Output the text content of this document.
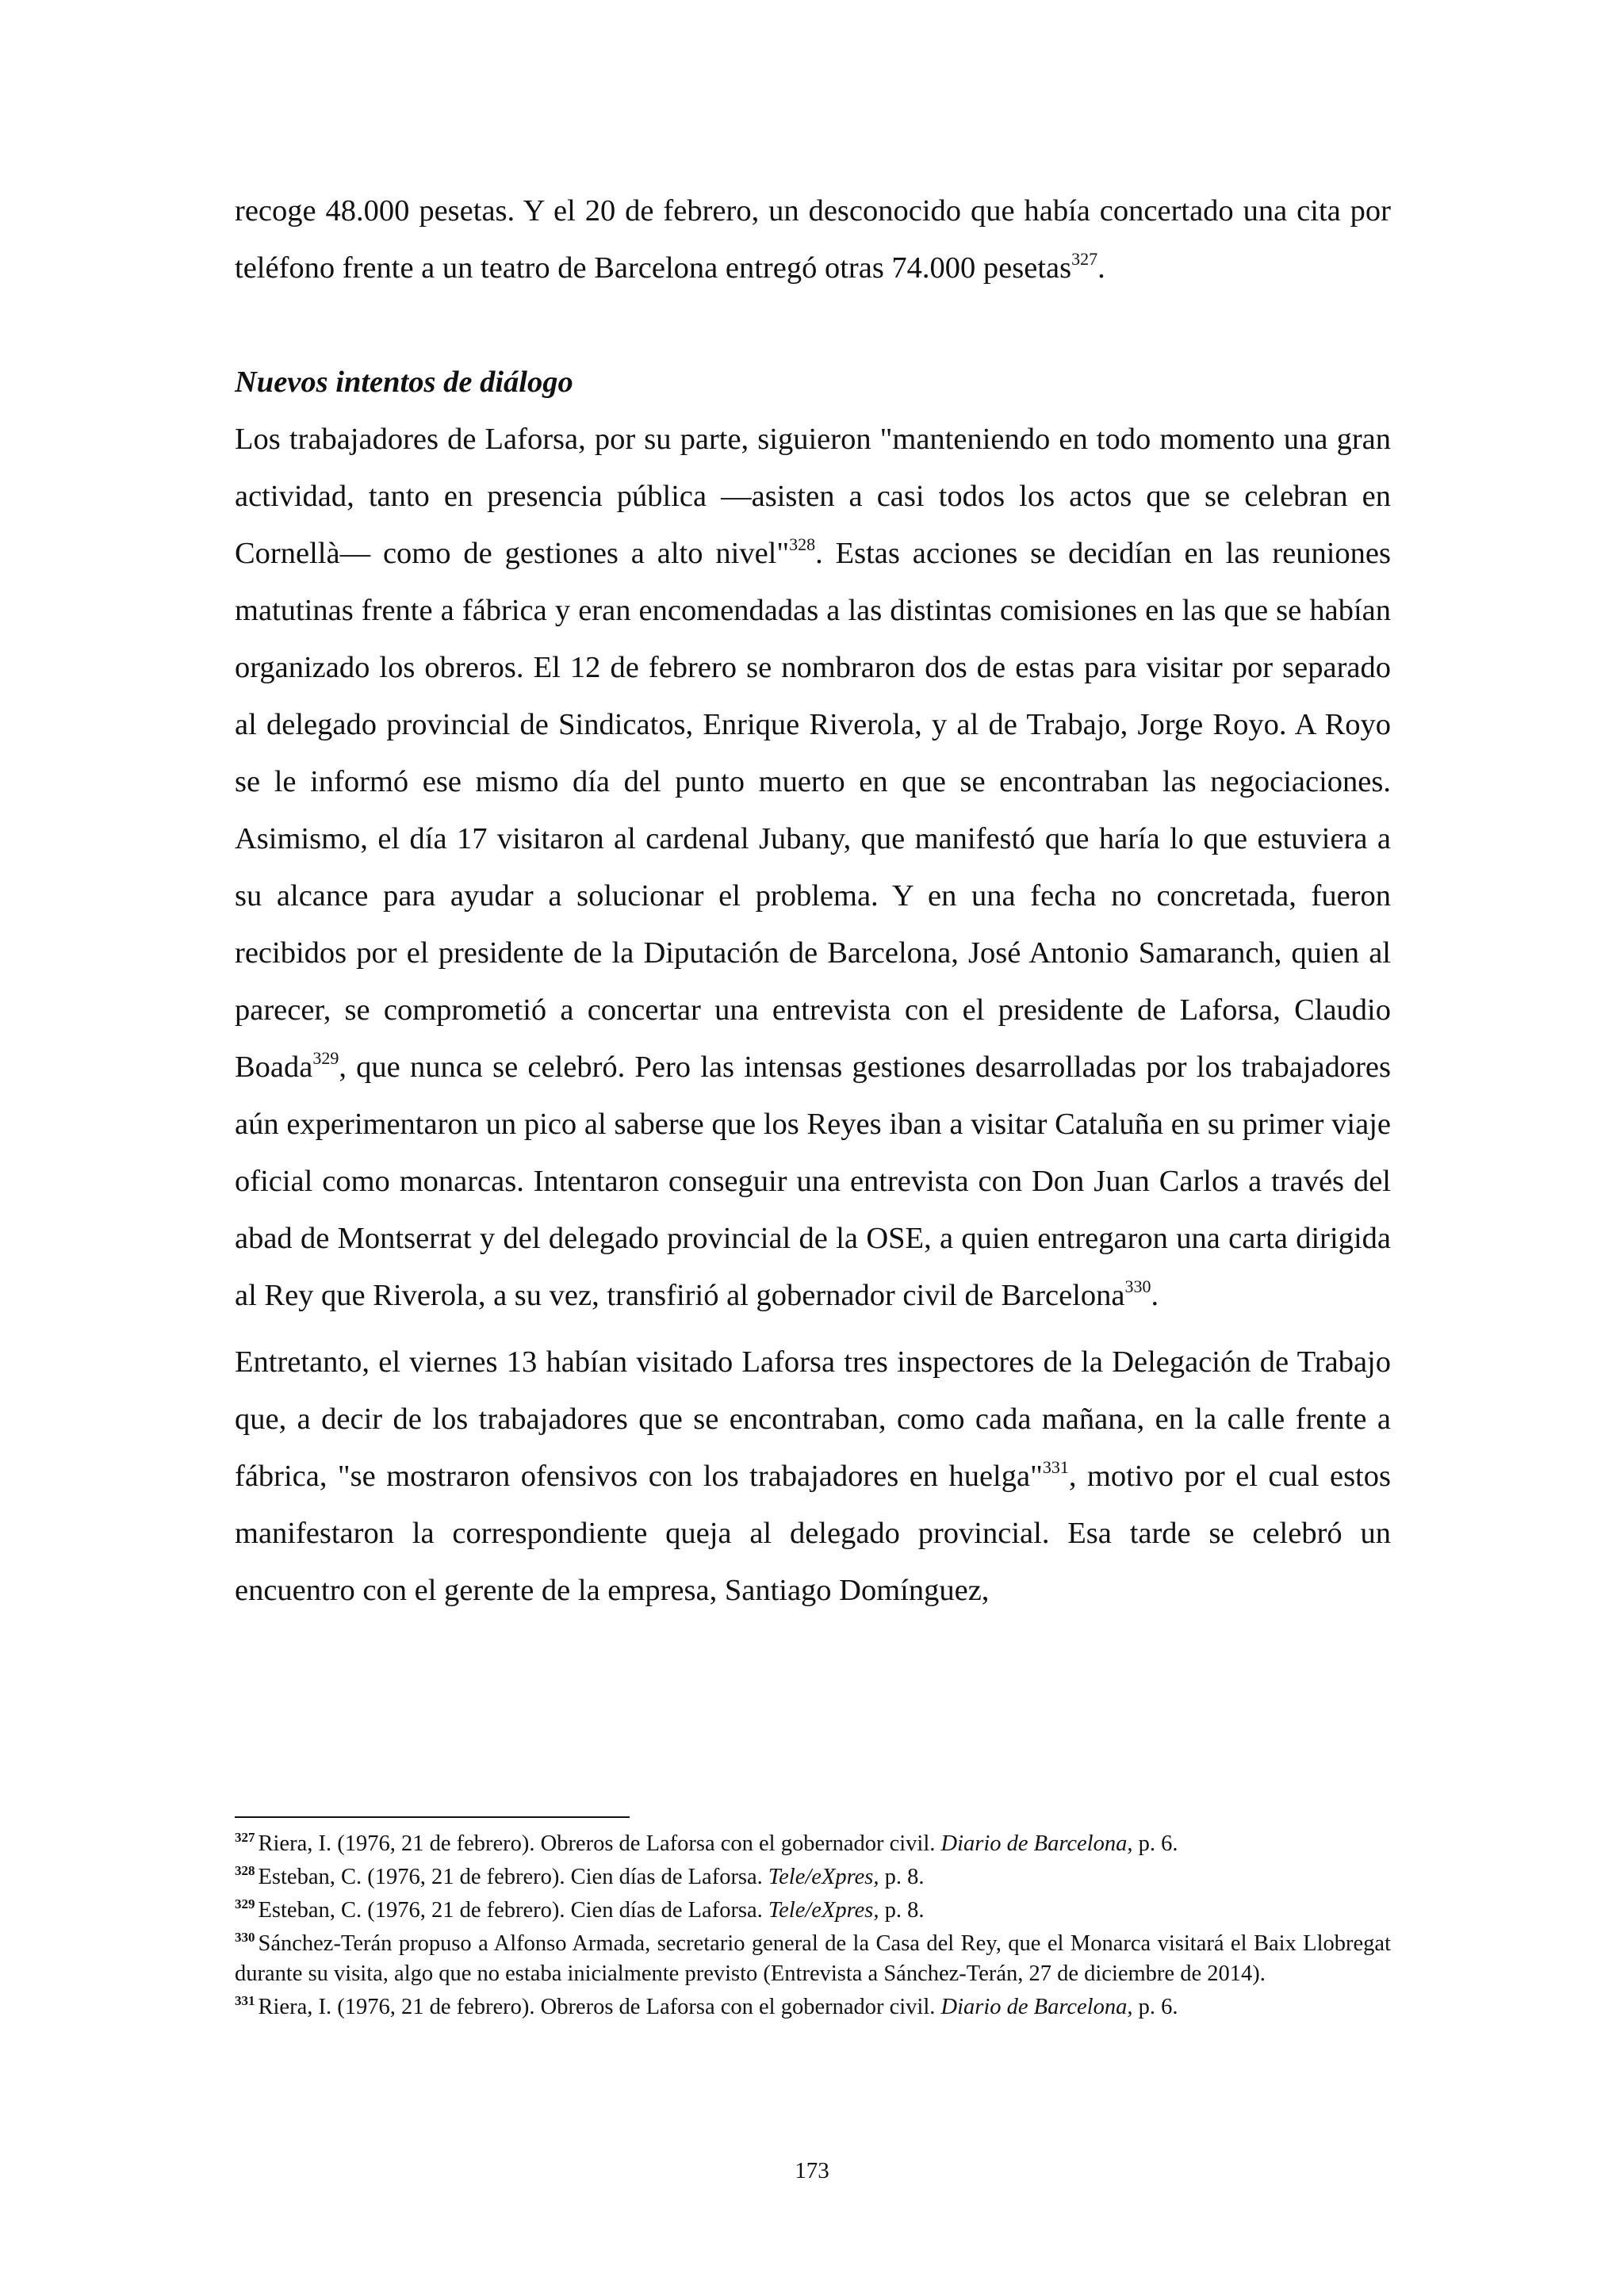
recoge 48.000 pesetas. Y el 20 de febrero, un desconocido que había concertado una cita por teléfono frente a un teatro de Barcelona entregó otras 74.000 pesetas$^{327}$.

Nuevos intentos de diálogo

Los trabajadores de Laforsa, por su parte, siguieron "manteniendo en todo momento una gran actividad, tanto en presencia pública —asisten a casi todos los actos que se celebran en Cornellà— como de gestiones a alto nivel"$^{328}$. Estas acciones se decidían en las reuniones matutinas frente a fábrica y eran encomendadas a las distintas comisiones en las que se habían organizado los obreros. El 12 de febrero se nombraron dos de estas para visitar por separado al delegado provincial de Sindicatos, Enrique Riverola, y al de Trabajo, Jorge Royo. A Royo se le informó ese mismo día del punto muerto en que se encontraban las negociaciones. Asimismo, el día 17 visitaron al cardenal Jubany, que manifestó que haría lo que estuviera a su alcance para ayudar a solucionar el problema. Y en una fecha no concretada, fueron recibidos por el presidente de la Diputación de Barcelona, José Antonio Samaranch, quien al parecer, se comprometió a concertar una entrevista con el presidente de Laforsa, Claudio Boada$^{329}$, que nunca se celebró. Pero las intensas gestiones desarrolladas por los trabajadores aún experimentaron un pico al saberse que los Reyes iban a visitar Cataluña en su primer viaje oficial como monarcas. Intentaron conseguir una entrevista con Don Juan Carlos a través del abad de Montserrat y del delegado provincial de la OSE, a quien entregaron una carta dirigida al Rey que Riverola, a su vez, transfirió al gobernador civil de Barcelona$^{330}$.

Entretanto, el viernes 13 habían visitado Laforsa tres inspectores de la Delegación de Trabajo que, a decir de los trabajadores que se encontraban, como cada mañana, en la calle frente a fábrica, "se mostraron ofensivos con los trabajadores en huelga"$^{331}$, motivo por el cual estos manifestaron la correspondiente queja al delegado provincial. Esa tarde se celebró un encuentro con el gerente de la empresa, Santiago Domínguez,

$^{327}$ Riera, I. (1976, 21 de febrero). Obreros de Laforsa con el gobernador civil. Diario de Barcelona, p. 6.

$^{328}$ Esteban, C. (1976, 21 de febrero). Cien días de Laforsa. Tele/eXpres, p. 8.

$^{329}$ Esteban, C. (1976, 21 de febrero). Cien días de Laforsa. Tele/eXpres, p. 8.

$^{330}$ Sánchez-Terán propuso a Alfonso Armada, secretario general de la Casa del Rey, que el Monarca visitará el Baix Llobregat durante su visita, algo que no estaba inicialmente previsto (Entrevista a Sánchez-Terán, 27 de diciembre de 2014).

$^{331}$ Riera, I. (1976, 21 de febrero). Obreros de Laforsa con el gobernador civil. Diario de Barcelona, p. 6.

173
